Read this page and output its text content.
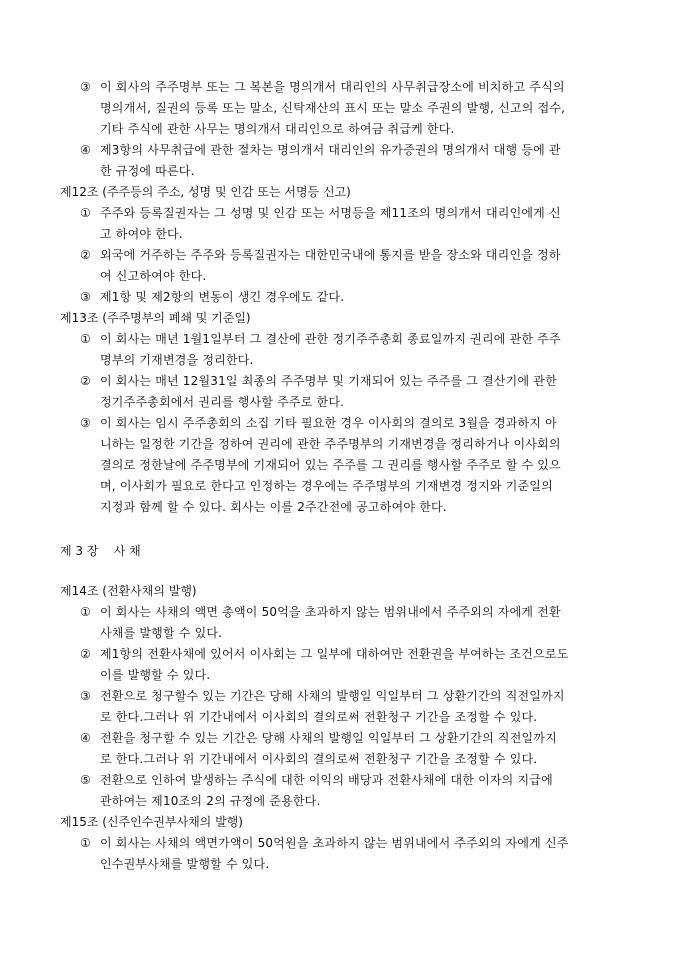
③ 이 회사의 주주명부 또는 그 복본을 명의개서 대리인의 사무취급장소에 비치하고 주식의
명의개서, 질권의 등록 또는 말소, 신탁재산의 표시 또는 말소 주권의 발행, 신고의 접수,
기타 주식에 관한 사무는 명의개서 대리인으로 하여금 취급케 한다.
④ 제3항의 사무취급에 관한 절차는 명의개서 대리인의 유가증권의 명의개서 대행 등에 관
한 규정에 따른다.
제12조 (주주등의 주소, 성명 및 인감 또는 서명등 신고)
① 주주와 등록질권자는 그 성명 및 인감 또는 서명등을 제11조의 명의개서 대리인에게 신
고 하여야 한다.
② 외국에 거주하는 주주와 등록질권자는 대한민국내에 통지를 받을 장소와 대리인을 정하
여 신고하여야 한다.
③ 제1항 및 제2항의 변동이 생긴 경우에도 같다.
제13조 (주주명부의 폐쇄 및 기준일)
① 이 회사는 매년 1월1일부터 그 결산에 관한 정기주주총회 종료일까지 권리에 관한 주주
명부의 기재변경을 정리한다.
② 이 회사는 매년 12월31일 최종의 주주명부 및 기재되어 있는 주주를 그 결산기에 관한
정기주주총회에서 권리를 행사할 주주로 한다.
③ 이 회사는 임시 주주총회의 소집 기타 필요한 경우 이사회의 결의로 3월을 경과하지 아
니하는 일정한 기간을 정하여 권리에 관한 주주명부의 기재변경을 정리하거나 이사회의
결의로 정한날에 주주명부에 기재되어 있는 주주를 그 권리를 행사할 주주로 할 수 있으
며, 이사회가 필요로 한다고 인정하는 경우에는 주주명부의 기재변경 정지와 기준일의
지정과 함께 할 수 있다. 회사는 이를 2주간전에 공고하여야 한다.
제 3 장    사 채
제14조 (전환사채의 발행)
① 이 회사는 사채의 액면 총액이 50억을 초과하지 않는 범위내에서 주주외의 자에게 전환
사채를 발행할 수 있다.
② 제1항의 전환사채에 있어서 이사회는 그 일부에 대하여만 전환권을 부여하는 조건으로도
이를 발행할 수 있다.
③ 전환으로 청구할수 있는 기간은 당해 사채의 발행일 익일부터 그 상환기간의 직전일까지
로 한다.그러나 위 기간내에서 이사회의 결의로써 전환청구 기간을 조정할 수 있다.
④ 전환을 청구할 수 있는 기간은 당해 사채의 발행일 익일부터 그 상환기간의 직전일까지
로 한다.그러나 위 기간내에서 이사회의 결의로써 전환청구 기간을 조정할 수 있다.
⑤ 전환으로 인하여 발생하는 주식에 대한 이익의 배당과 전환사채에 대한 이자의 지급에
관하여는 제10조의 2의 규정에 준용한다.
제15조 (신주인수권부사채의 발행)
① 이 회사는 사채의 액면가액이 50억원을 초과하지 않는 범위내에서 주주외의 자에게 신주
인수권부사채를 발행할 수 있다.
